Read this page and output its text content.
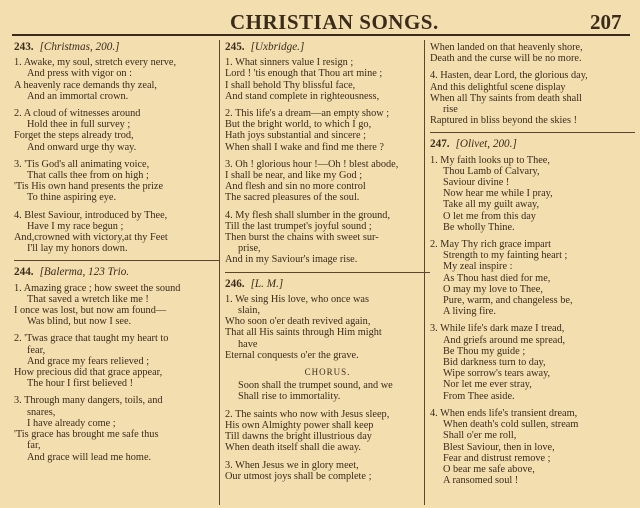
CHRISTIAN SONGS.	207
243. [Christmas, 200.]
1. Awake, my soul, stretch every nerve,
And press with vigor on :
A heavenly race demands thy zeal,
And an immortal crown.
2. A cloud of witnesses around
Hold thee in full survey ;
Forget the steps already trod,
And onward urge thy way.
3. 'Tis God's all animating voice,
That calls thee from on high ;
'Tis His own hand presents the prize
To thine aspiring eye.
4. Blest Saviour, introduced by Thee,
Have I my race begun ;
And,crowned with victory,at thy Feet
I'll lay my honors down.
244. [Balerma, 123 Trio.
1. Amazing grace ; how sweet the sound
That saved a wretch like me !
I once was lost, but now am found—
Was blind, but now I see.
2. 'Twas grace that taught my heart to
fear,
And grace my fears relieved ;
How precious did that grace appear,
The hour I first believed !
3. Through many dangers, toils, and
snares,
I have already come ;
'Tis grace has brought me safe thus
far,
And grace will lead me home.
245. [Uxbridge.]
1. What sinners value I resign ;
Lord ! 'tis enough that Thou art mine ;
I shall behold Thy blissful face,
And stand complete in righteousness,
2. This life's a dream—an empty show ;
But the bright world, to which I go,
Hath joys substantial and sincere ;
When shall I wake and find me there ?
3. Oh ! glorious hour !—Oh ! blest abode,
I shall be near, and like my God ;
And flesh and sin no more control
The sacred pleasures of the soul.
4. My flesh shall slumber in the ground,
Till the last trumpet's joyful sound ;
Then burst the chains with sweet sur-
prise,
And in my Saviour's image rise.
246. [L. M.]
1. We sing His love, who once was
slain,
Who soon o'er death revived again,
That all His saints through Him might
have
Eternal conquests o'er the grave.
CHORUS.
Soon shall the trumpet sound, and we
Shall rise to immortality.
2. The saints who now with Jesus sleep,
His own Almighty power shall keep
Till dawns the bright illustrious day
When death itself shall die away.
3. When Jesus we in glory meet,
Our utmost joys shall be complete ;
When landed on that heavenly shore,
Death and the curse will be no more.
4. Hasten, dear Lord, the glorious day,
And this delightful scene display
When all Thy saints from death shall
rise
Raptured in bliss beyond the skies !
247. [Olivet, 200.]
1. My faith looks up to Thee,
Thou Lamb of Calvary,
Saviour divine !
Now hear me while I pray,
Take all my guilt away,
O let me from this day
Be wholly Thine.
2. May Thy rich grace impart
Strength to my fainting heart ;
My zeal inspire :
As Thou hast died for me,
O may my love to Thee,
Pure, warm, and changeless be,
A living fire.
3. While life's dark maze I tread,
And griefs around me spread,
Be Thou my guide ;
Bid darkness turn to day,
Wipe sorrow's tears away,
Nor let me ever stray,
From Thee aside.
4. When ends life's transient dream,
When death's cold sullen, stream
Shall o'er me roll,
Blest Saviour, then in love,
Fear and distrust remove ;
O bear me safe above,
A ransomed soul !
